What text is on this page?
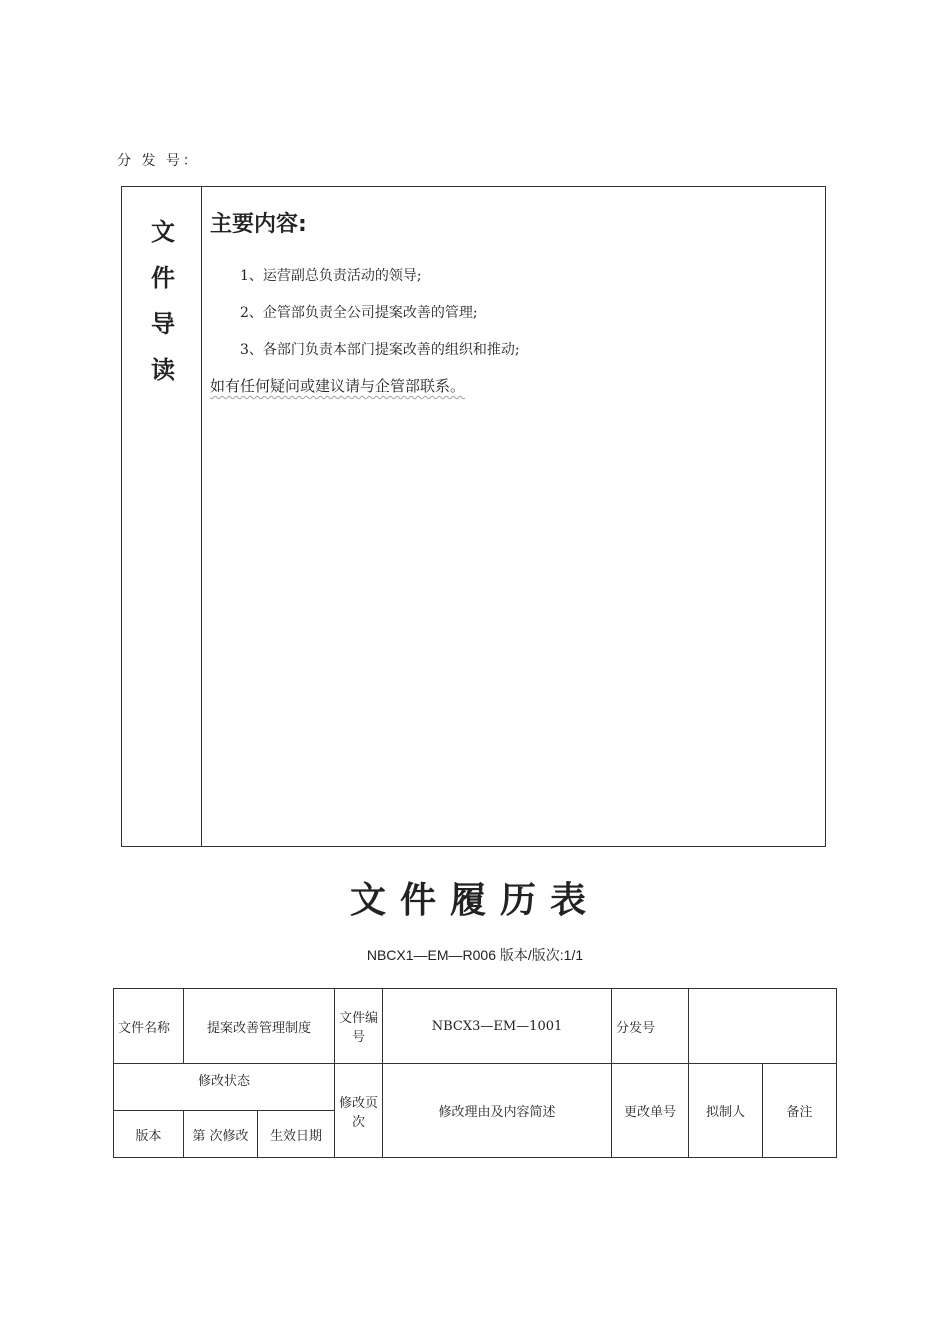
分 发 号：
文
件
导
读
主要内容:
1、运营副总负责活动的领导;
2、企管部负责全公司提案改善的管理;
3、各部门负责本部门提案改善的组织和推动;
如有任何疑问或建议请与企管部联系。
文件履历表
NBCX1—EM—R006 版本/版次:1/1
文件名称	提案改善管理制度		文件编号	NBCX3—EM—1001	分发号		
修改状态			修改页次	修改理由及内容简述	更改单号	拟制人	备注
版本	第 次修改	生效日期					
